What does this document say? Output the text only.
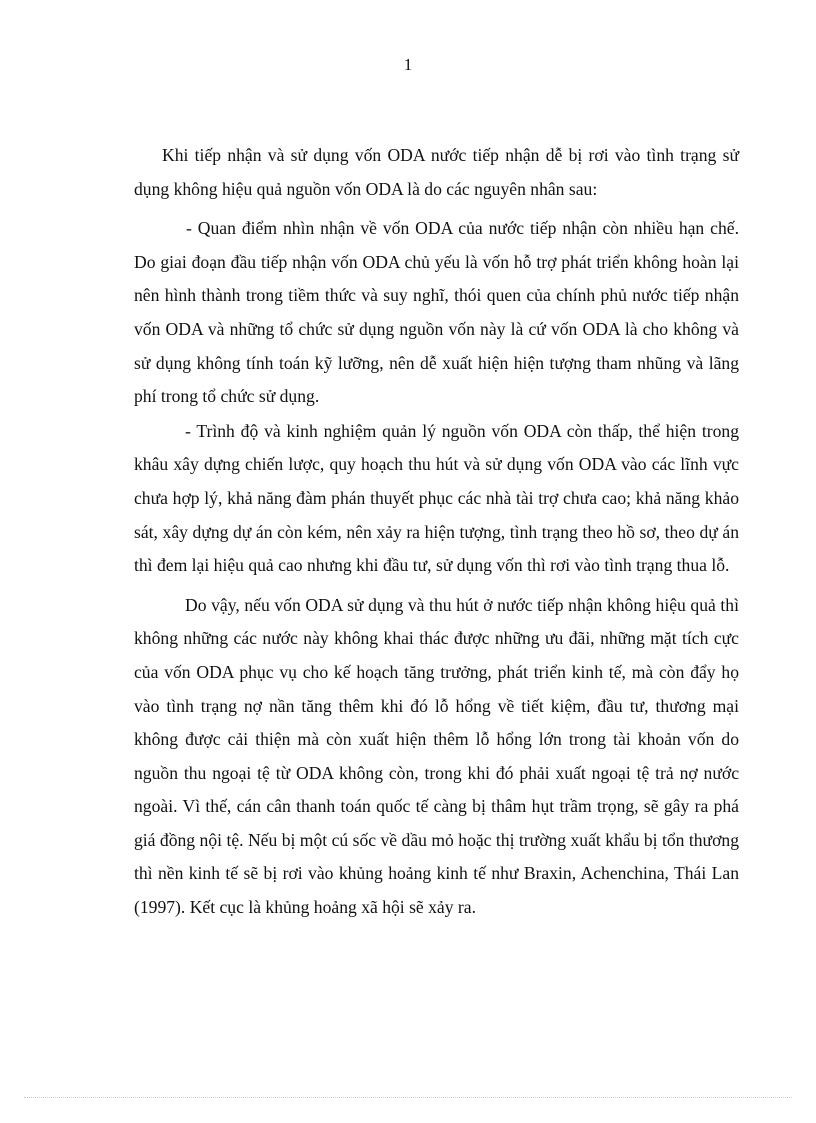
1

Khi tiếp nhận và sử dụng vốn ODA nước tiếp nhận dễ bị rơi vào tình trạng sử dụng không hiệu quả nguồn vốn ODA là do các nguyên nhân sau:

- Quan điểm nhìn nhận về vốn ODA của nước tiếp nhận còn nhiều hạn chế. Do giai đoạn đầu tiếp nhận vốn ODA chủ yếu là vốn hỗ trợ phát triển không hoàn lại nên hình thành trong tiềm thức và suy nghĩ, thói quen của chính phủ nước tiếp nhận vốn ODA và những tổ chức sử dụng nguồn vốn này là cứ vốn ODA là cho không và sử dụng không tính toán kỹ lưỡng, nên dễ xuất hiện hiện tượng tham nhũng và lãng phí trong tổ chức sử dụng.

- Trình độ và kinh nghiệm quản lý nguồn vốn ODA còn thấp, thể hiện trong khâu xây dựng chiến lược, quy hoạch thu hút và sử dụng vốn ODA vào các lĩnh vực chưa hợp lý, khả năng đàm phán thuyết phục các nhà tài trợ chưa cao; khả năng khảo sát, xây dựng dự án còn kém, nên xảy ra hiện tượng, tình trạng theo hồ sơ, theo dự án thì đem lại hiệu quả cao nhưng khi đầu tư, sử dụng vốn thì rơi vào tình trạng thua lỗ.

Do vậy, nếu vốn ODA sử dụng và thu hút ở nước tiếp nhận không hiệu quả thì không những các nước này không khai thác được những ưu đãi, những mặt tích cực của vốn ODA phục vụ cho kế hoạch tăng trưởng, phát triển kinh tế, mà còn đẩy họ vào tình trạng nợ nần tăng thêm khi đó lỗ hổng về tiết kiệm, đầu tư, thương mại không được cải thiện mà còn xuất hiện thêm lỗ hổng lớn trong tài khoản vốn do nguồn thu ngoại tệ từ ODA không còn, trong khi đó phải xuất ngoại tệ trả nợ nước ngoài. Vì thế, cán cân thanh toán quốc tế càng bị thâm hụt trầm trọng, sẽ gây ra phá giá đồng nội tệ. Nếu bị một cú sốc về dầu mỏ hoặc thị trường xuất khẩu bị tổn thương thì nền kinh tế sẽ bị rơi vào khủng hoảng kinh tế như Braxin, Achenchina, Thái Lan (1997). Kết cục là khủng hoảng xã hội sẽ xảy ra.
